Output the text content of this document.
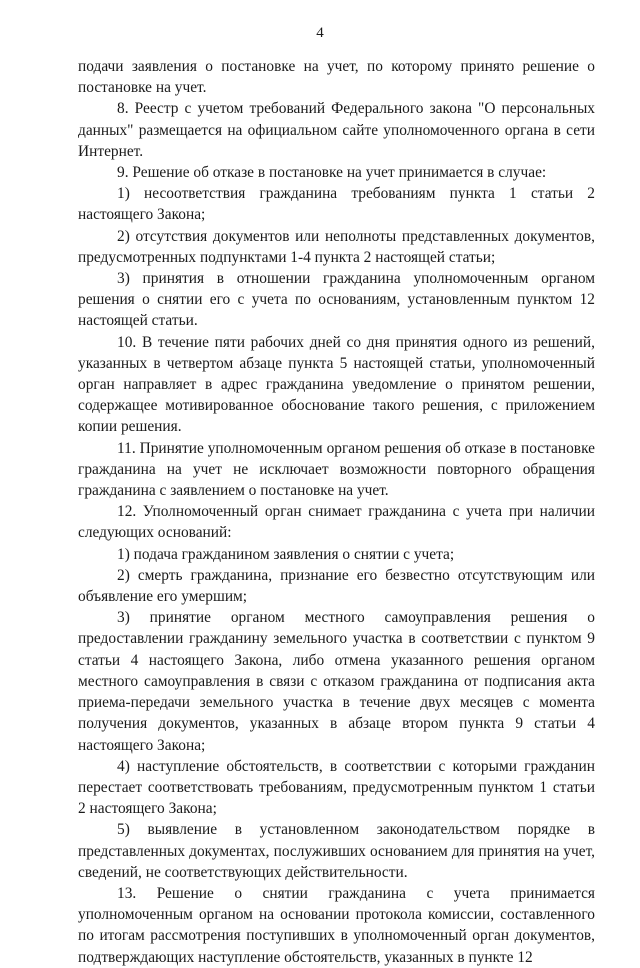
4

подачи заявления о постановке на учет, по которому принято решение о постановке на учет.

8. Реестр с учетом требований Федерального закона "О персональных данных" размещается на официальном сайте уполномоченного органа в сети Интернет.

9. Решение об отказе в постановке на учет принимается в случае:

1) несоответствия гражданина требованиям пункта 1 статьи 2 настоящего Закона;

2) отсутствия документов или неполноты представленных документов, предусмотренных подпунктами 1-4 пункта 2 настоящей статьи;

3) принятия в отношении гражданина уполномоченным органом решения о снятии его с учета по основаниям, установленным пунктом 12 настоящей статьи.

10. В течение пяти рабочих дней со дня принятия одного из решений, указанных в четвертом абзаце пункта 5 настоящей статьи, уполномоченный орган направляет в адрес гражданина уведомление о принятом решении, содержащее мотивированное обоснование такого решения, с приложением копии решения.

11. Принятие уполномоченным органом решения об отказе в постановке гражданина на учет не исключает возможности повторного обращения гражданина с заявлением о постановке на учет.

12. Уполномоченный орган снимает гражданина с учета при наличии следующих оснований:

1) подача гражданином заявления о снятии с учета;

2) смерть гражданина, признание его безвестно отсутствующим или объявление его умершим;

3) принятие органом местного самоуправления решения о предоставлении гражданину земельного участка в соответствии с пунктом 9 статьи 4 настоящего Закона, либо отмена указанного решения органом местного самоуправления в связи с отказом гражданина от подписания акта приема-передачи земельного участка в течение двух месяцев с момента получения документов, указанных в абзаце втором пункта 9 статьи 4 настоящего Закона;

4) наступление обстоятельств, в соответствии с которыми гражданин перестает соответствовать требованиям, предусмотренным пунктом 1 статьи 2 настоящего Закона;

5) выявление в установленном законодательством порядке в представленных документах, послуживших основанием для принятия на учет, сведений, не соответствующих действительности.

13. Решение о снятии гражданина с учета принимается уполномоченным органом на основании протокола комиссии, составленного по итогам рассмотрения поступивших в уполномоченный орган документов, подтверждающих наступление обстоятельств, указанных в пункте 12
